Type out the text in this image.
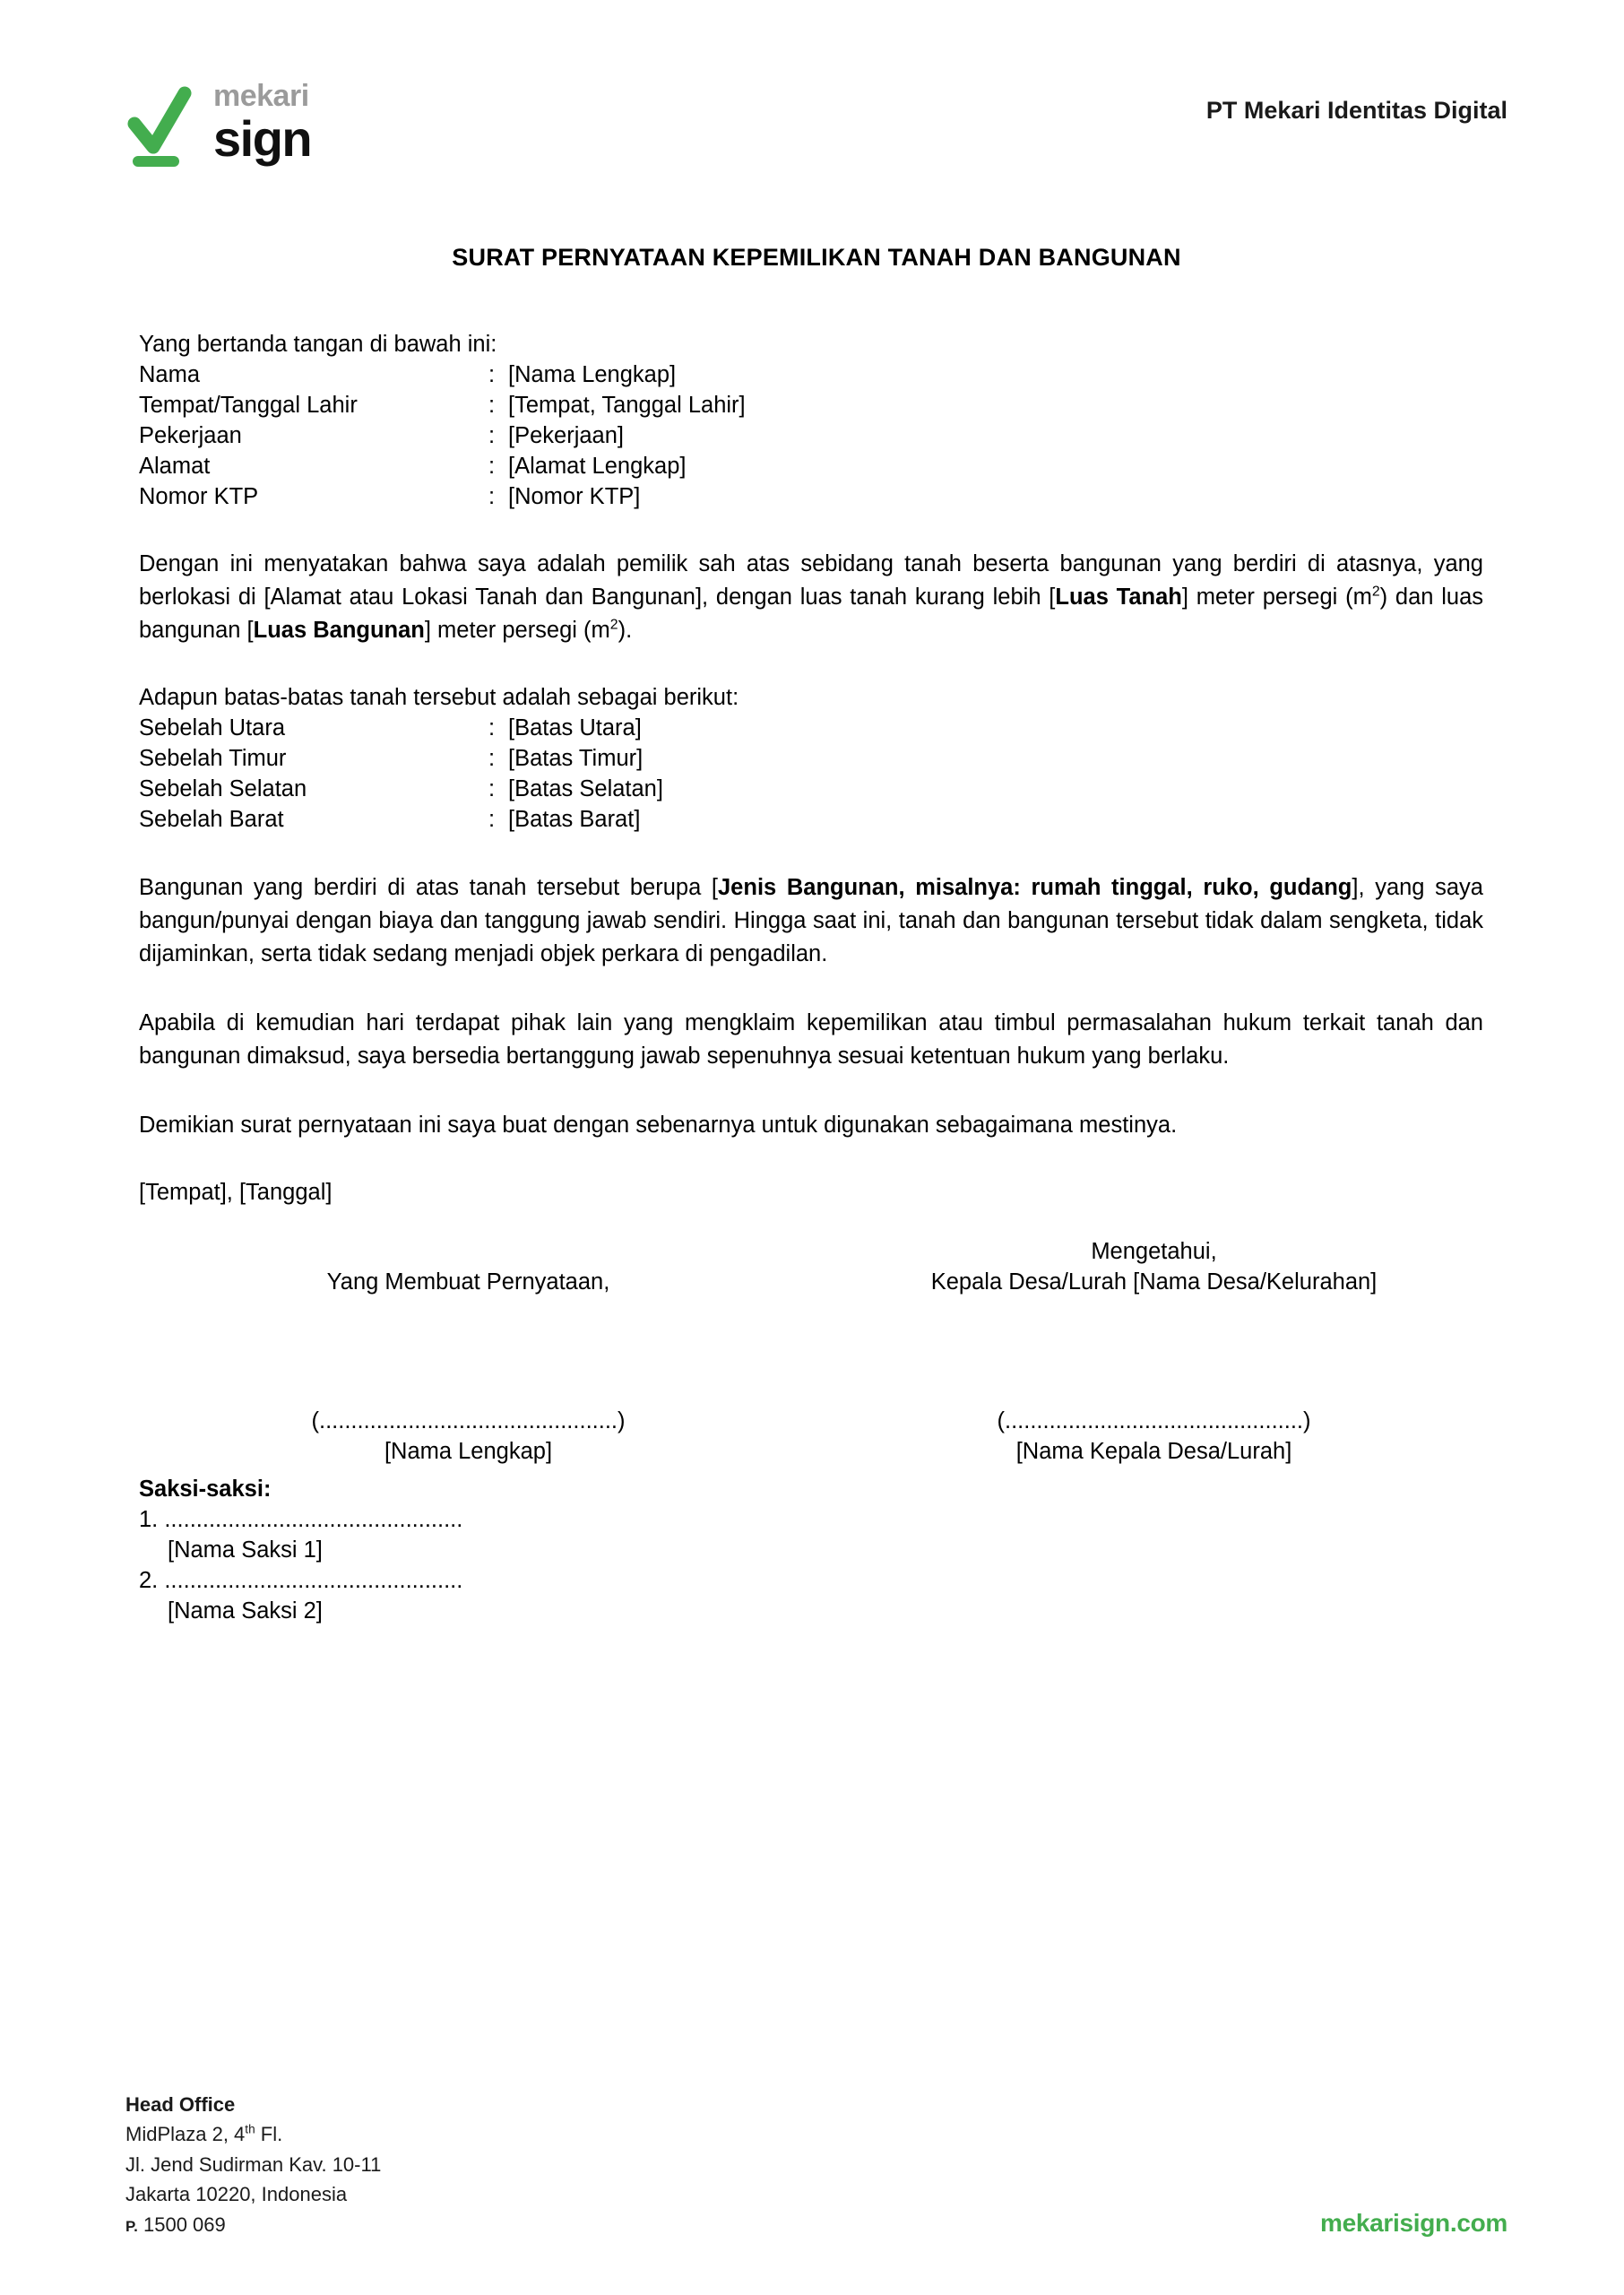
mekari
sign	PT Mekari Identitas Digital
SURAT PERNYATAAN KEPEMILIKAN TANAH DAN BANGUNAN
Yang bertanda tangan di bawah ini:
Nama	:	[Nama Lengkap]
Tempat/Tanggal Lahir	:	[Tempat, Tanggal Lahir]
Pekerjaan	:	[Pekerjaan]
Alamat	:	[Alamat Lengkap]
Nomor KTP	:	[Nomor KTP]

Dengan ini menyatakan bahwa saya adalah pemilik sah atas sebidang tanah beserta bangunan yang berdiri di atasnya, yang berlokasi di [Alamat atau Lokasi Tanah dan Bangunan], dengan luas tanah kurang lebih [Luas Tanah] meter persegi $(m^2)$ dan luas bangunan [Luas Bangunan] meter persegi $(m^2)$.

Adapun batas-batas tanah tersebut adalah sebagai berikut:
Sebelah Utara	:	[Batas Utara]
Sebelah Timur	:	[Batas Timur]
Sebelah Selatan	:	[Batas Selatan]
Sebelah Barat	:	[Batas Barat]

Bangunan yang berdiri di atas tanah tersebut berupa [Jenis Bangunan, misalnya: rumah tinggal, ruko, gudang], yang saya bangun/punyai dengan biaya dan tanggung jawab sendiri. Hingga saat ini, tanah dan bangunan tersebut tidak dalam sengketa, tidak dijaminkan, serta tidak sedang menjadi objek perkara di pengadilan.

Apabila di kemudian hari terdapat pihak lain yang mengklaim kepemilikan atau timbul permasalahan hukum terkait tanah dan bangunan dimaksud, saya bersedia bertanggung jawab sepenuhnya sesuai ketentuan hukum yang berlaku.

Demikian surat pernyataan ini saya buat dengan sebenarnya untuk digunakan sebagaimana mestinya.

[Tempat], [Tanggal]
Mengetahui,
Yang Membuat Pernyataan,	Kepala Desa/Lurah [Nama Desa/Kelurahan]
(...............................................)	(...............................................)
[Nama Lengkap]	[Nama Kepala Desa/Lurah]
Saksi-saksi:
1. ...............................................
[Nama Saksi 1]
2. ...............................................
[Nama Saksi 2]
Head Office
MidPlaza 2, 4th Fl.
Jl. Jend Sudirman Kav. 10-11
Jakarta 10220, Indonesia
P. 1500 069	mekarisign.com
